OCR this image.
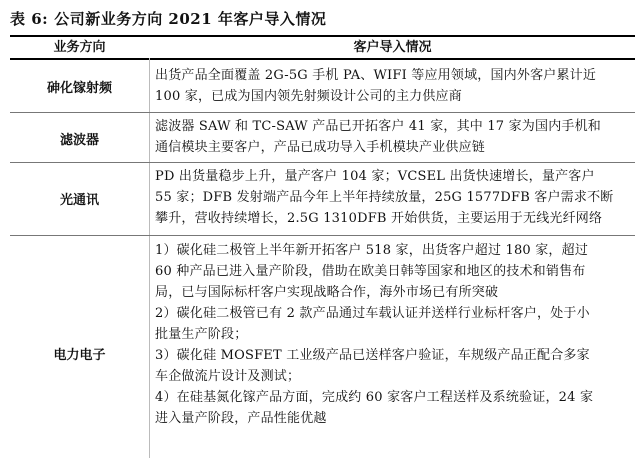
表 6: 公司新业务方向 2021 年客户导入情况
业务方向	客户导入情况
砷化镓射频

出货产品全面覆盖 2G-5G 手机 PA、WIFI 等应用领域，国内外客户累计近

100 家，已成为国内领先射频设计公司的主力供应商

滤波器

滤波器 SAW 和 TC-SAW 产品已开拓客户 41 家，其中 17 家为国内手机和

通信模块主要客户，产品已成功导入手机模块产业供应链

光通讯

PD 出货量稳步上升，量产客户 104 家；VCSEL 出货快速增长，量产客户

55 家；DFB 发射端产品今年上半年持续放量，25G 1577DFB 客户需求不断

攀升，营收持续增长，2.5G 1310DFB 开始供货，主要运用于无线光纤网络

电力电子

1）碳化硅二极管上半年新开拓客户 518 家，出货客户超过 180 家，超过

60 种产品已进入量产阶段，借助在欧美日韩等国家和地区的技术和销售布

局，已与国际标杆客户实现战略合作，海外市场已有所突破

2）碳化硅二极管已有 2 款产品通过车载认证并送样行业标杆客户，处于小

批量生产阶段；

3）碳化硅 MOSFET 工业级产品已送样客户验证，车规级产品正配合多家

车企做流片设计及测试；

4）在硅基氮化镓产品方面，完成约 60 家客户工程送样及系统验证，24 家

进入量产阶段，产品性能优越
